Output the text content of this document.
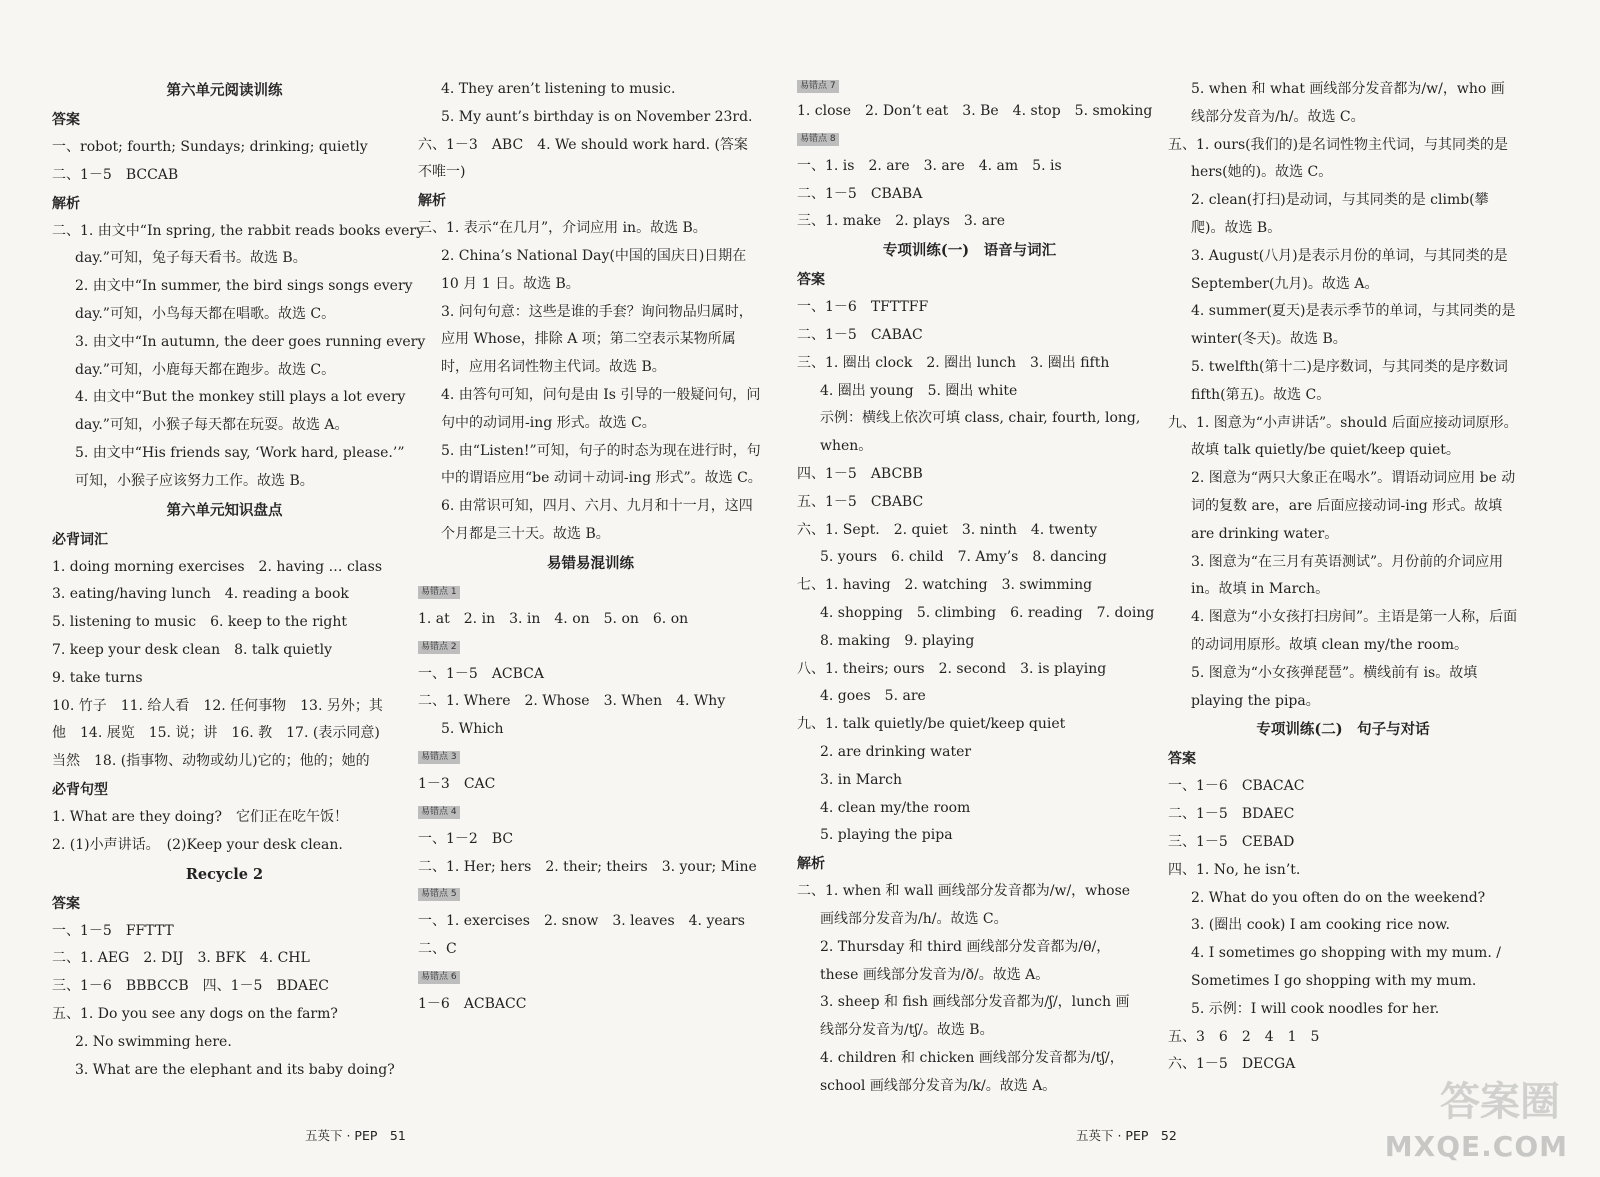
第六单元阅读训练
答案
一、robot; fourth; Sundays; drinking; quietly
二、1－5　BCCAB
解析
二、1. 由文中“In spring, the rabbit reads books every
day.”可知，兔子每天看书。故选 B。
2. 由文中“In summer, the bird sings songs every
day.”可知，小鸟每天都在唱歌。故选 C。
3. 由文中“In autumn, the deer goes running every
day.”可知，小鹿每天都在跑步。故选 C。
4. 由文中“But the monkey still plays a lot every
day.”可知，小猴子每天都在玩耍。故选 A。
5. 由文中“His friends say, ‘Work hard, please.’”
可知，小猴子应该努力工作。故选 B。
第六单元知识盘点
必背词汇
1. doing morning exercises　2. having … class
3. eating/having lunch　4. reading a book
5. listening to music　6. keep to the right
7. keep your desk clean　8. talk quietly
9. take turns
10. 竹子　11. 给人看　12. 任何事物　13. 另外；其
他　14. 展览　15. 说；讲　16. 教　17. (表示同意)
当然　18. (指事物、动物或幼儿)它的；他的；她的
必背句型
1. What are they doing?　它们正在吃午饭！
2. (1)小声讲话。　(2)Keep your desk clean.
Recycle 2
答案
一、1－5　FFTTT
二、1. AEG　2. DIJ　3. BFK　4. CHL
三、1－6　BBBCCB　四、1－5　BDAEC
五、1. Do you see any dogs on the farm?
2. No swimming here.
3. What are the elephant and its baby doing?
4. They aren’t listening to music.
5. My aunt’s birthday is on November 23rd.
六、1－3　ABC　4. We should work hard. (答案
不唯一)
解析
三、1. 表示“在几月”，介词应用 in。故选 B。
2. China’s National Day(中国的国庆日)日期在
10 月 1 日。故选 B。
3. 问句句意：这些是谁的手套？询问物品归属时，应用 Whose，排除 A 项；第二空表示某物所属时，应用名词性物主代词。故选 B。
4. 由答句可知，问句是由 Is 引导的一般疑问句，问句中的动词用-ing 形式。故选 C。
5. 由“Listen!”可知，句子的时态为现在进行时，句中的谓语应用“be 动词＋动词-ing 形式”。故选 C。
6. 由常识可知，四月、六月、九月和十一月，这四个月都是三十天。故选 B。
易错易混训练
易错点 1
1. at　2. in　3. in　4. on　5. on　6. on
易错点 2
一、1－5　ACBCA
二、1. Where　2. Whose　3. When　4. Why
5. Which
易错点 3
1－3　CAC
易错点 4
一、1－2　BC
二、1. Her; hers　2. their; theirs　3. your; Mine
易错点 5
一、1. exercises　2. snow　3. leaves　4. years
二、C
易错点 6
1－6　ACBACC
易错点 7
1. close　2. Don’t eat　3. Be　4. stop　5. smoking
易错点 8
一、1. is　2. are　3. are　4. am　5. is
二、1－5　CBABA
三、1. make　2. plays　3. are
专项训练(一)　语音与词汇
答案
一、1－6　TFTTFF
二、1－5　CABAC
三、1. 圈出 clock　2. 圈出 lunch　3. 圈出 fifth
4. 圈出 young　5. 圈出 white
示例：横线上依次可填 class, chair, fourth, long, when。
四、1－5　ABCBB
五、1－5　CBABC
六、1. Sept.　2. quiet　3. ninth　4. twenty
5. yours　6. child　7. Amy’s　8. dancing
七、1. having　2. watching　3. swimming
4. shopping　5. climbing　6. reading　7. doing
8. making　9. playing
八、1. theirs; ours　2. second　3. is playing
4. goes　5. are
九、1. talk quietly/be quiet/keep quiet
2. are drinking water
3. in March
4. clean my/the room
5. playing the pipa
解析
二、1. when 和 wall 画线部分发音都为/w/，whose 画线部分发音为/h/。故选 C。
2. Thursday 和 third 画线部分发音都为/θ/，these 画线部分发音为/ð/。故选 A。
3. sheep 和 fish 画线部分发音都为/ʃ/，lunch 画线部分发音为/tʃ/。故选 B。
4. children 和 chicken 画线部分发音都为/tʃ/，school 画线部分发音为/k/。故选 A。
5. when 和 what 画线部分发音都为/w/，who 画线部分发音为/h/。故选 C。
五、1. ours(我们的)是名词性物主代词，与其同类的是 hers(她的)。故选 C。
2. clean(打扫)是动词，与其同类的是 climb(攀爬)。故选 B。
3. August(八月)是表示月份的单词，与其同类的是 September(九月)。故选 A。
4. summer(夏天)是表示季节的单词，与其同类的是 winter(冬天)。故选 B。
5. twelfth(第十二)是序数词，与其同类的是序数词 fifth(第五)。故选 C。
九、1. 图意为“小声讲话”。should 后面应接动词原形。故填 talk quietly/be quiet/keep quiet。
2. 图意为“两只大象正在喝水”。谓语动词应用 be 动词的复数 are，are 后面应接动词-ing 形式。故填 are drinking water。
3. 图意为“在三月有英语测试”。月份前的介词应用 in。故填 in March。
4. 图意为“小女孩打扫房间”。主语是第一人称，后面的动词用原形。故填 clean my/the room。
5. 图意为“小女孩弹琵琶”。横线前有 is。故填 playing the pipa。
专项训练(二)　句子与对话
答案
一、1－6　CBACAC
二、1－5　BDAEC
三、1－5　CEBAD
四、1. No, he isn’t.
2. What do you often do on the weekend?
3. (圈出 cook) I am cooking rice now.
4. I sometimes go shopping with my mum. /
Sometimes I go shopping with my mum.
5. 示例：I will cook noodles for her.
五、3　6　2　4　1　5
六、1－5　DECGA
五英下 · PEP　51	五英下 · PEP　52
答案圈
MXQE.COM
